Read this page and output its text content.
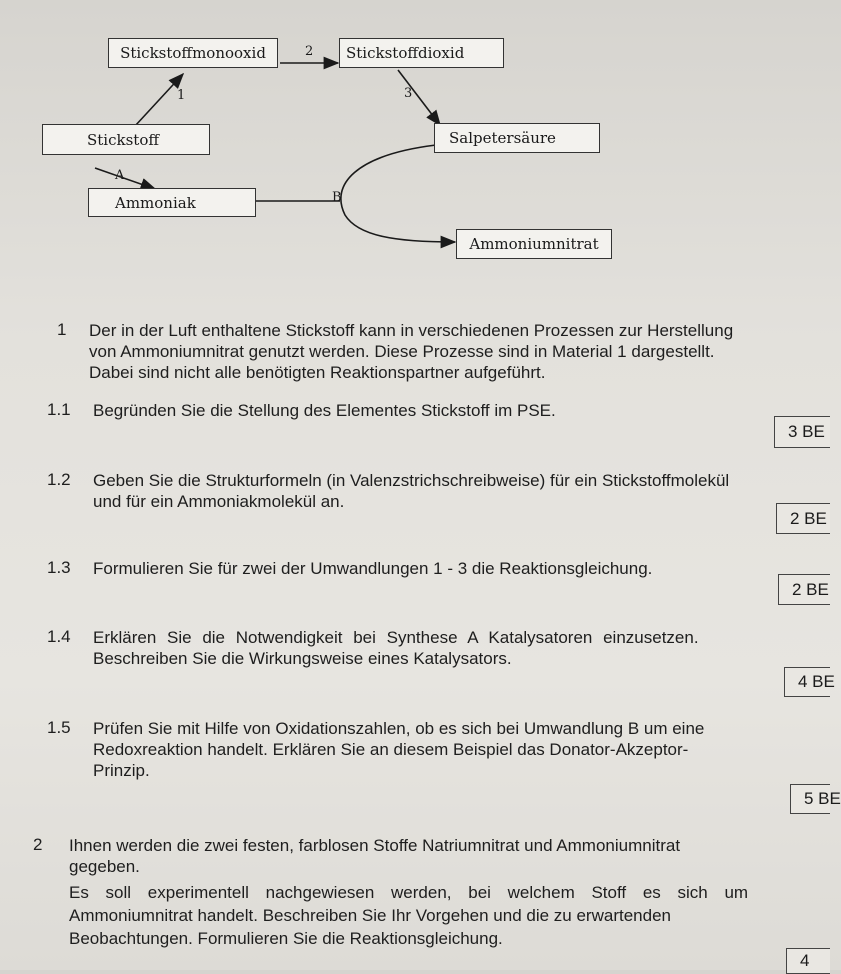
Stickstoffmonooxid	Stickstoffdioxid
Stickstoff	Salpetersäure
Ammoniak
Ammoniumnitrat
2
1	3
A
B
1 Der in der Luft enthaltene Stickstoff kann in verschiedenen Prozessen zur Herstellung
von Ammoniumnitrat genutzt werden. Diese Prozesse sind in Material 1 dargestellt.
Dabei sind nicht alle benötigten Reaktionspartner aufgeführt.
1.1 Begründen Sie die Stellung des Elementes Stickstoff im PSE.
3 BE
1.2 Geben Sie die Strukturformeln (in Valenzstrichschreibweise) für ein Stickstoffmolekül
und für ein Ammoniakmolekül an.
2 BE
1.3 Formulieren Sie für zwei der Umwandlungen 1 - 3 die Reaktionsgleichung.
2 BE
1.4 Erklären Sie die Notwendigkeit bei Synthese A Katalysatoren einzusetzen.
Beschreiben Sie die Wirkungsweise eines Katalysators.
4 BE
1.5 Prüfen Sie mit Hilfe von Oxidationszahlen, ob es sich bei Umwandlung B um eine
Redoxreaktion handelt. Erklären Sie an diesem Beispiel das Donator-Akzeptor-
Prinzip.
5 BE
2 Ihnen werden die zwei festen, farblosen Stoffe Natriumnitrat und Ammoniumnitrat
gegeben.
Es soll experimentell nachgewiesen werden, bei welchem Stoff es sich um
Ammoniumnitrat handelt. Beschreiben Sie Ihr Vorgehen und die zu erwartenden
Beobachtungen. Formulieren Sie die Reaktionsgleichung.
4
